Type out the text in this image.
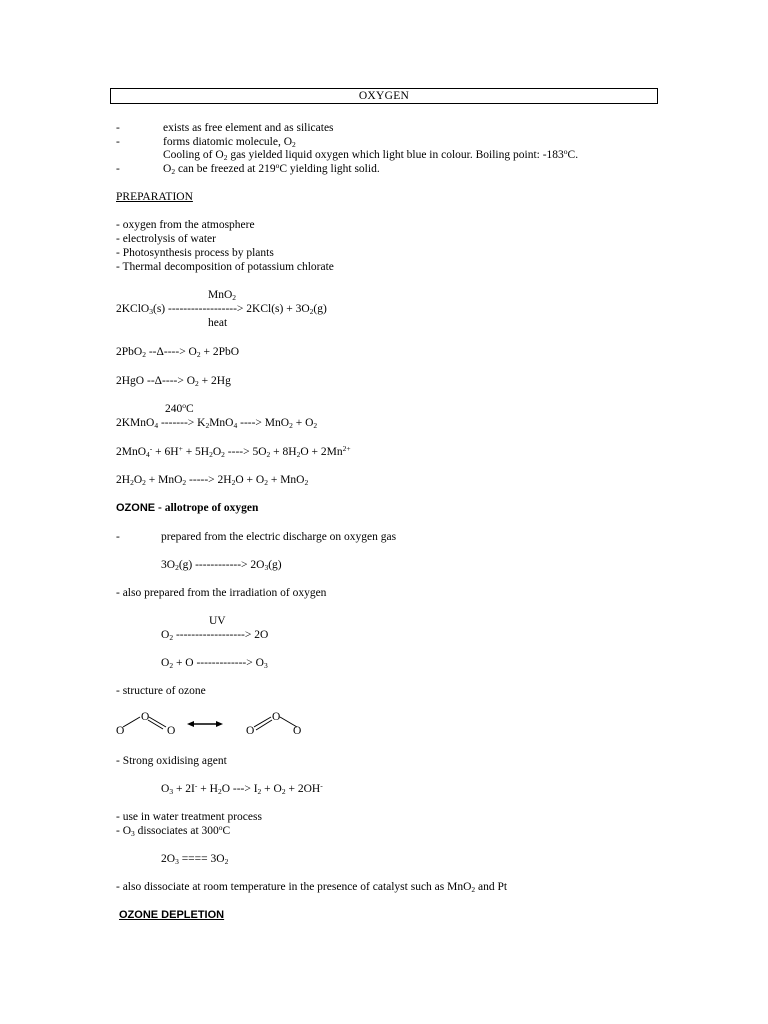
OXYGEN
-	exists as free element and as silicates
-	forms diatomic molecule, $O_2$
Cooling of $O_2$ gas yielded liquid oxygen which light blue in colour. Boiling point: -183$^o$C.
-	$O_2$ can be freezed at 219$^o$C yielding light solid.
PREPARATION
- oxygen from the atmosphere
- electrolysis of water
- Photosynthesis process by plants
- Thermal decomposition of potassium chlorate
MnO$_2$
2KClO$_3$(s) ------------------> $2KCl(s) + 3O_2(g)$
heat
2PbO$_2$ $--\Delta----> O_2 + 2PbO$
2HgO $--\Delta----> O_2 + 2Hg$
240$^o$C
2KMnO$_4$ -------> $K_2MnO_4$ ----> $MnO_2 + O_2$
$2MnO_4^- + 6H^+ + 5H_2O_2$ ----> $5O_2 + 8H_2O + 2Mn^{2+}$
$2H_2O_2 + MnO_2$ -----> $2H_2O + O_2 + MnO_2$
OZONE - allotrope of oxygen
-	prepared from the electric discharge on oxygen gas
$3O_2(g)$ ------------> $2O_3(g)$
- also prepared from the irradiation of oxygen
UV
$O_2$ ------------------> 2O
$O_2 + O$ -------------> $O_3$
- structure of ozone
O
O
O	O
O
O
- Strong oxidising agent
$O_3 + 2I^- + H_2O$ ---> $I_2 + O_2 + 2OH^-$
- use in water treatment process
- $O_3$ dissociates at 300$^o$C
$2O_3$ ==== $3O_2$
- also dissociate at room temperature in the presence of catalyst such as MnO$_2$ and Pt
OZONE DEPLETION
